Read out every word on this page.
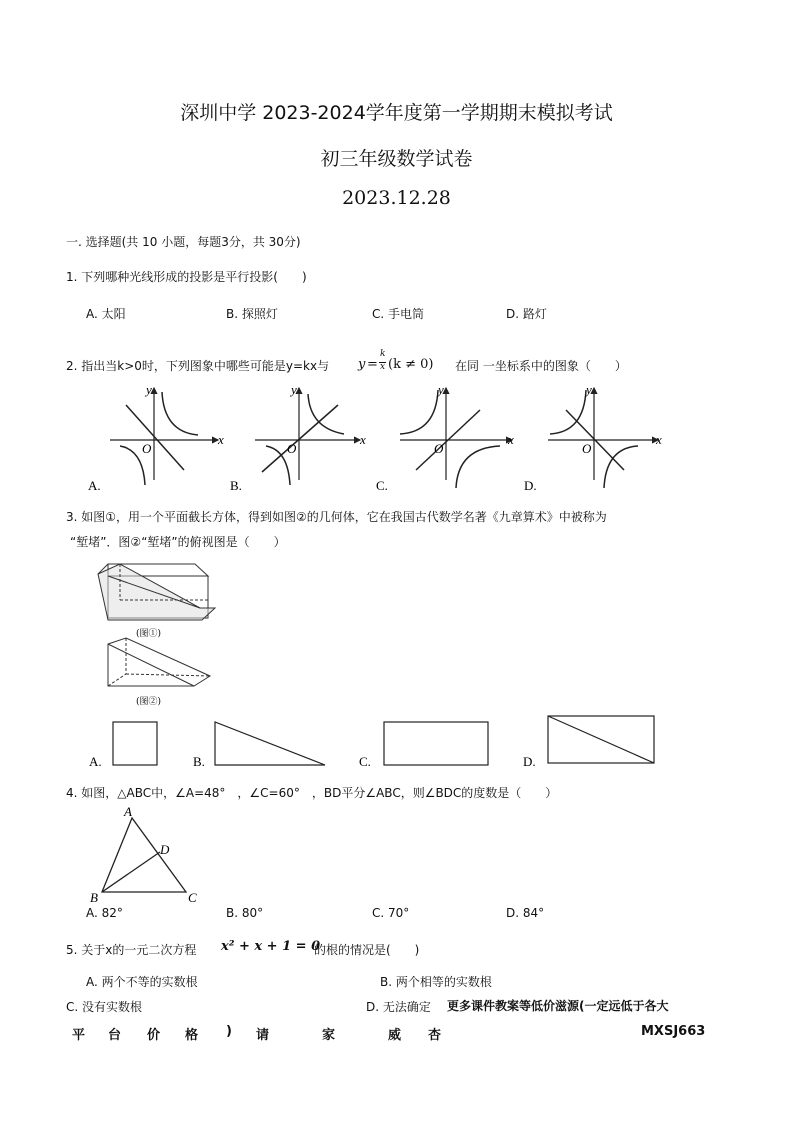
深圳中学 2023-2024学年度第一学期期末模拟考试
初三年级数学试卷
2023.12.28
一. 选择题(共 10 小题，每题3分，共 30分)
1. 下列哪种光线形成的投影是平行投影(　　)
A. 太阳	B. 探照灯	C. 手电筒	D. 路灯
2. 指出当k>0时，下列图象中哪些可能是y=kx与 y =
k
x (k ≠ 0) 在同 一坐标系中的图象（　　）
O
x
y
O
x
y
O
x
y
O
x
y
A.	B.	C.	D.
3. 如图①，用一个平面截长方体，得到如图②的几何体，它在我国古代数学名著《九章算术》中被称为
“堑堵”．图②“堑堵”的俯视图是（　　）
(图①)
(图②)
A.	B.	C.	D.
4. 如图，△ABC中，∠A=48°　，∠C=60°　，BD平分∠ABC，则∠BDC的度数是（　　）
A
B	C
D
A. 82°	B. 80°	C. 70°	D. 84°
5. 关于x的一元二次方程 x² + x + 1 = 0
的根的情况是(　　)
A. 两个不等的实数根	B. 两个相等的实数根
C. 没有实数根	D. 无法确定 更多课件教案等低价滋源(一定远低于各大
平 台 价 格 ) 请	家	威 杏	MXSJ663
